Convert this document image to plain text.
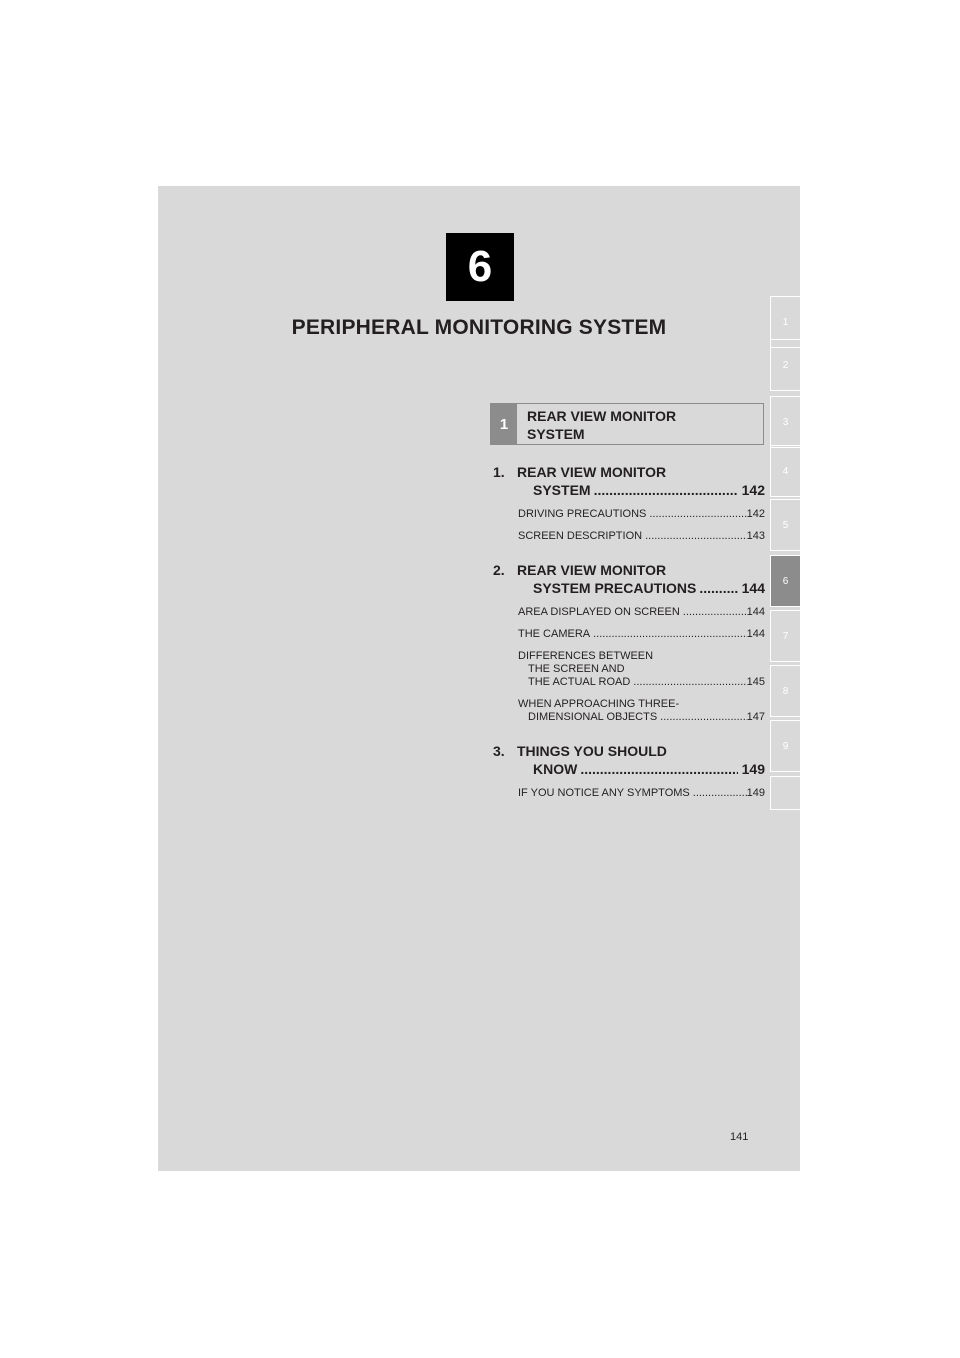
6
PERIPHERAL MONITORING SYSTEM	1
2
3
4
5
6
7
8
9
1	REAR VIEW MONITOR SYSTEM
1. REAR VIEW MONITOR
SYSTEM .....	142
DRIVING PRECAUTIONS .....	142
SCREEN DESCRIPTION .....	143
2. REAR VIEW MONITOR
SYSTEM PRECAUTIONS .....	144
AREA DISPLAYED ON SCREEN .....	144
THE CAMERA .....	144
DIFFERENCES BETWEEN
THE SCREEN AND
THE ACTUAL ROAD .....	145
WHEN APPROACHING THREE-
DIMENSIONAL OBJECTS .....	147
3. THINGS YOU SHOULD
KNOW .....	149
IF YOU NOTICE ANY SYMPTOMS .....	149
141
